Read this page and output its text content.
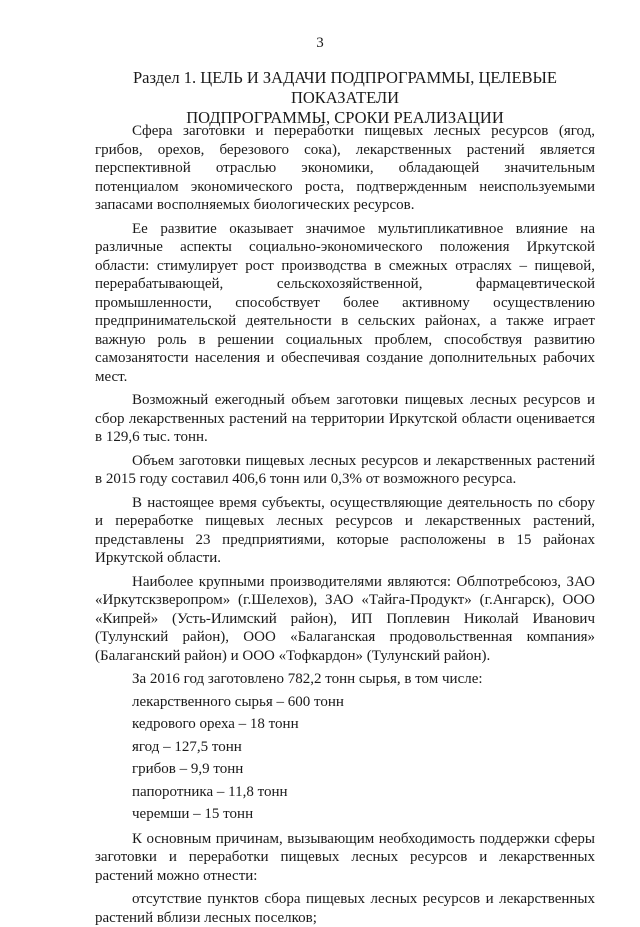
3
Раздел 1. ЦЕЛЬ И ЗАДАЧИ ПОДПРОГРАММЫ, ЦЕЛЕВЫЕ ПОКАЗАТЕЛИ
ПОДПРОГРАММЫ, СРОКИ РЕАЛИЗАЦИИ

Сфера заготовки и переработки пищевых лесных ресурсов (ягод, грибов, орехов, березового сока), лекарственных растений является перспективной отраслью экономики, обладающей значительным потенциалом экономического роста, подтвержденным неиспользуемыми запасами восполняемых биологических ресурсов.

Ее развитие оказывает значимое мультипликативное влияние на различные аспекты социально-экономического положения Иркутской области: стимулирует рост производства в смежных отраслях – пищевой, перерабатывающей, сельскохозяйственной, фармацевтической промышленности, способствует более активному осуществлению предпринимательской деятельности в сельских районах, а также играет важную роль в решении социальных проблем, способствуя развитию самозанятости населения и обеспечивая создание дополнительных рабочих мест.

Возможный ежегодный объем заготовки пищевых лесных ресурсов и сбор лекарственных растений на территории Иркутской области оценивается в 129,6 тыс. тонн.

Объем заготовки пищевых лесных ресурсов и лекарственных растений в 2015 году составил 406,6 тонн или 0,3% от возможного ресурса.

В настоящее время субъекты, осуществляющие деятельность по сбору и переработке пищевых лесных ресурсов и лекарственных растений, представлены 23 предприятиями, которые расположены в 15 районах Иркутской области.

Наиболее крупными производителями являются: Облпотребсоюз, ЗАО «Иркутскзверопром» (г.Шелехов), ЗАО «Тайга-Продукт» (г.Ангарск), ООО «Кипрей» (Усть-Илимский район), ИП Поплевин Николай Иванович (Тулунский район), ООО «Балаганская продовольственная компания» (Балаганский район) и ООО «Тофкардон» (Тулунский район).

За 2016 год заготовлено 782,2 тонн сырья, в том числе:

лекарственного сырья – 600 тонн

кедрового ореха – 18 тонн

ягод – 127,5 тонн

грибов – 9,9 тонн

папоротника – 11,8 тонн

черемши – 15 тонн

К основным причинам, вызывающим необходимость поддержки сферы заготовки и переработки пищевых лесных ресурсов и лекарственных растений можно отнести:

отсутствие пунктов сбора пищевых лесных ресурсов и лекарственных растений вблизи лесных поселков;
